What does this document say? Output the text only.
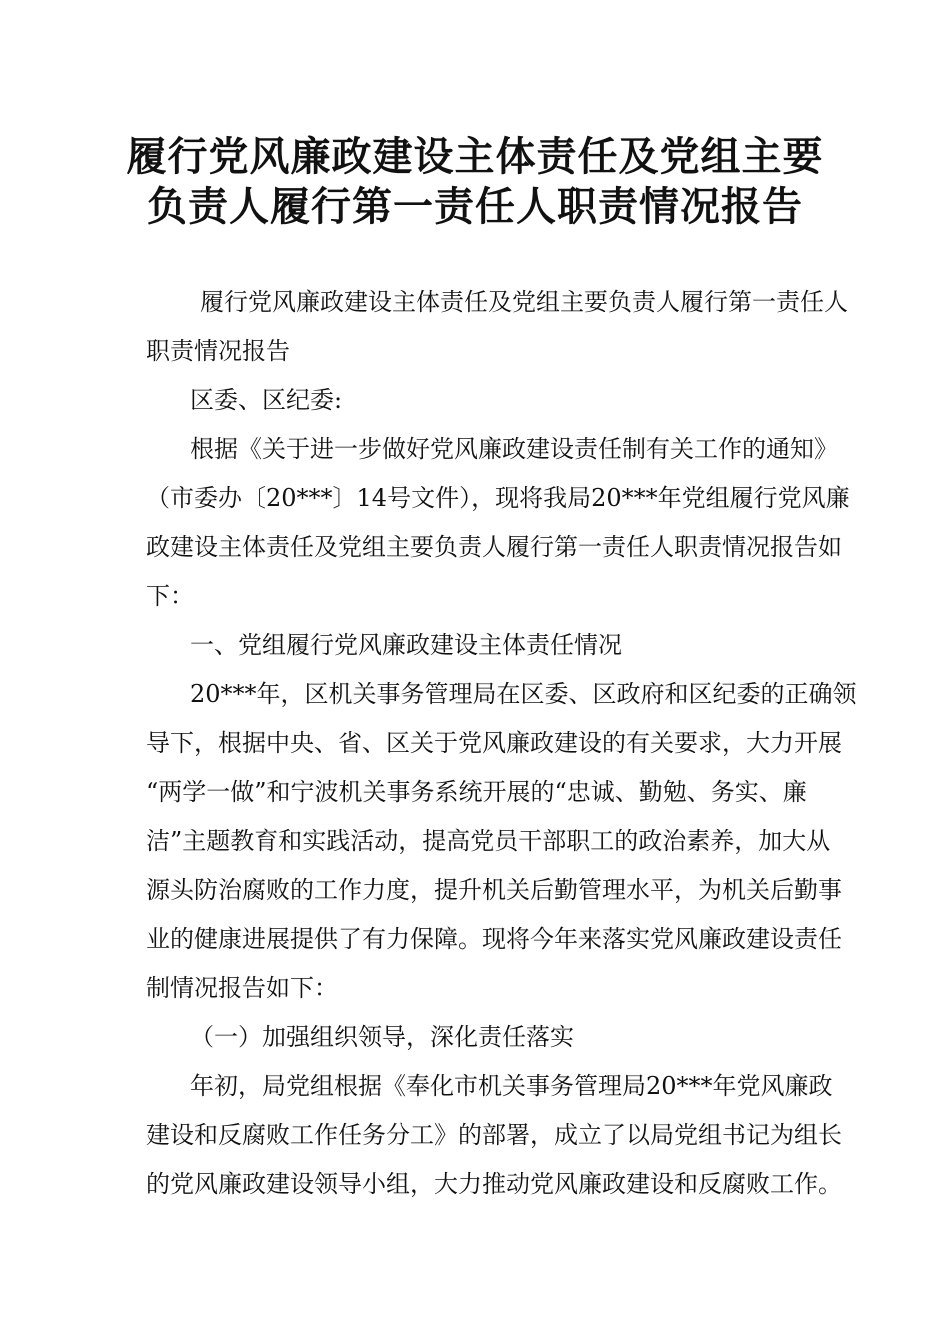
履行党风廉政建设主体责任及党组主要
负责人履行第一责任人职责情况报告
履行党风廉政建设主体责任及党组主要负责人履行第一责任人
职责情况报告
区委、区纪委:
根据《关于进一步做好党风廉政建设责任制有关工作的通知》
（市委办〔20***〕14号文件），现将我局20***年党组履行党风廉
政建设主体责任及党组主要负责人履行第一责任人职责情况报告如
下：
一、党组履行党风廉政建设主体责任情况
20***年，区机关事务管理局在区委、区政府和区纪委的正确领
导下，根据中央、省、区关于党风廉政建设的有关要求，大力开展
“两学一做”和宁波机关事务系统开展的“忠诚、勤勉、务实、廉
洁”主题教育和实践活动，提高党员干部职工的政治素养，加大从
源头防治腐败的工作力度，提升机关后勤管理水平，为机关后勤事
业的健康进展提供了有力保障。现将今年来落实党风廉政建设责任
制情况报告如下：
（一）加强组织领导，深化责任落实
年初，局党组根据《奉化市机关事务管理局20***年党风廉政
建设和反腐败工作任务分工》的部署，成立了以局党组书记为组长
的党风廉政建设领导小组，大力推动党风廉政建设和反腐败工作。
